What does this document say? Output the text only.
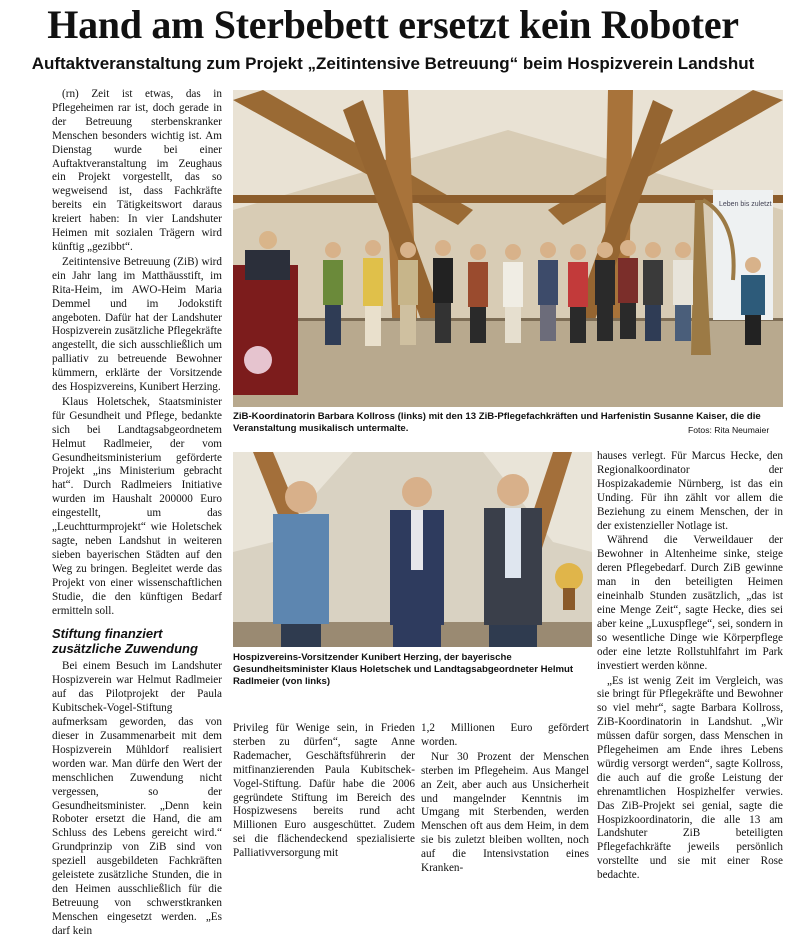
Hand am Sterbebett ersetzt kein Roboter
Auftaktveranstaltung zum Projekt „Zeitintensive Betreuung“ beim Hospizverein Landshut

(rn) Zeit ist etwas, das in Pflegeheimen rar ist, doch gerade in der Betreuung sterbenskranker Menschen besonders wichtig ist. Am Dienstag wurde bei einer Auftaktveranstaltung im Zeughaus ein Projekt vorgestellt, das so wegweisend ist, dass Fachkräfte bereits ein Tätigkeitswort daraus kreiert haben: In vier Landshuter Heimen mit sozialen Trägern wird künftig „gezibbt“.

Zeitintensive Betreuung (ZiB) wird ein Jahr lang im Matthäusstift, im Rita-Heim, im AWO-Heim Maria Demmel und im Jodokstift angeboten. Dafür hat der Landshuter Hospizverein zusätzliche Pflegekräfte angestellt, die sich ausschließlich um palliativ zu betreuende Bewohner kümmern, erklärte der Vorsitzende des Hospizvereins, Kunibert Herzing.

Klaus Holetschek, Staatsminister für Gesundheit und Pflege, bedankte sich bei Landtagsabgeordnetem Helmut Radlmeier, der vom Gesundheitsministerium geförderte Projekt „ins Ministerium gebracht hat“. Durch Radlmeiers Initiative wurden im Haushalt 200000 Euro eingestellt, um das „Leuchtturmprojekt“ wie Holetschek sagte, neben Landshut in weiteren sieben bayerischen Städten auf den Weg zu bringen. Begleitet werde das Projekt von einer wissenschaftlichen Studie, die den künftigen Bedarf ermitteln soll.

Stiftung finanziert zusätzliche Zuwendung

Bei einem Besuch im Landshuter Hospizverein war Helmut Radlmeier auf das Pilotprojekt der Paula Kubitschek-Vogel-Stiftung aufmerksam geworden, das von dieser in Zusammenarbeit mit dem Hospizverein Mühldorf realisiert worden war. Man dürfe den Wert der menschlichen Zuwendung nicht vergessen, so der Gesundheitsminister. „Denn kein Roboter ersetzt die Hand, die am Schluss des Lebens gereicht wird.“ Grundprinzip von ZiB sind von speziell ausgebildeten Fachkräften geleistete zusätzliche Stunden, die in den Heimen ausschließlich für die Betreuung von schwerstkranken Menschen eingesetzt werden. „Es darf kein

Leben bis zuletzt
ZiB-Koordinatorin Barbara Kollross (links) mit den 13 ZiB-Pflegefachkräften und Harfenistin Susanne Kaiser, die die Veranstaltung musikalisch untermalte.	Fotos: Rita Neumaier
Hospizvereins-Vorsitzender Kunibert Herzing, der bayerische Gesundheitsminister Klaus Holetschek und Landtagsabgeordneter Helmut Radlmeier (von links)

Privileg für Wenige sein, in Frieden sterben zu dürfen“, sagte Anne Rademacher, Geschäftsführerin der mitfinanzierenden Paula Kubitschek-Vogel-Stiftung. Dafür habe die 2006 gegründete Stiftung im Bereich des Hospizwesens bereits rund acht Millionen Euro ausgeschüttet. Zudem sei die flächendeckend spezialisierte Palliativversorgung mit

1,2 Millionen Euro gefördert worden.

Nur 30 Prozent der Menschen sterben im Pflegeheim. Aus Mangel an Zeit, aber auch aus Unsicherheit und mangelnder Kenntnis im Umgang mit Sterbenden, werden Menschen oft aus dem Heim, in dem sie bis zuletzt bleiben wollten, noch auf die Intensivstation eines Kranken-

hauses verlegt. Für Marcus Hecke, den Regionalkoordinator der Hospizakademie Nürnberg, ist das ein Unding. Für ihn zählt vor allem die Beziehung zu einem Menschen, der in der existenzieller Notlage ist.

Während die Verweildauer der Bewohner in Altenheime sinke, steige deren Pflegebedarf. Durch ZiB gewinne man in den beteiligten Heimen eineinhalb Stunden zusätzlich, „das ist eine Menge Zeit“, sagte Hecke, dies sei aber keine „Luxuspflege“, sei, sondern in so wesentliche Dinge wie Körperpflege oder eine letzte Rollstuhlfahrt im Park investiert werden könne.

„Es ist wenig Zeit im Vergleich, was sie bringt für Pflegekräfte und Bewohner so viel mehr“, sagte Barbara Kollross, ZiB-Koordinatorin in Landshut. „Wir müssen dafür sorgen, dass Menschen in Pflegeheimen am Ende ihres Lebens würdig versorgt werden“, sagte Kollross, die auch auf die große Leistung der ehrenamtlichen Hospizhelfer verwies. Das ZiB-Projekt sei genial, sagte die Hospizkoordinatorin, die alle 13 am Landshuter ZiB beteiligten Pflegefachkräfte jeweils persönlich vorstellte und sie mit einer Rose bedachte.
